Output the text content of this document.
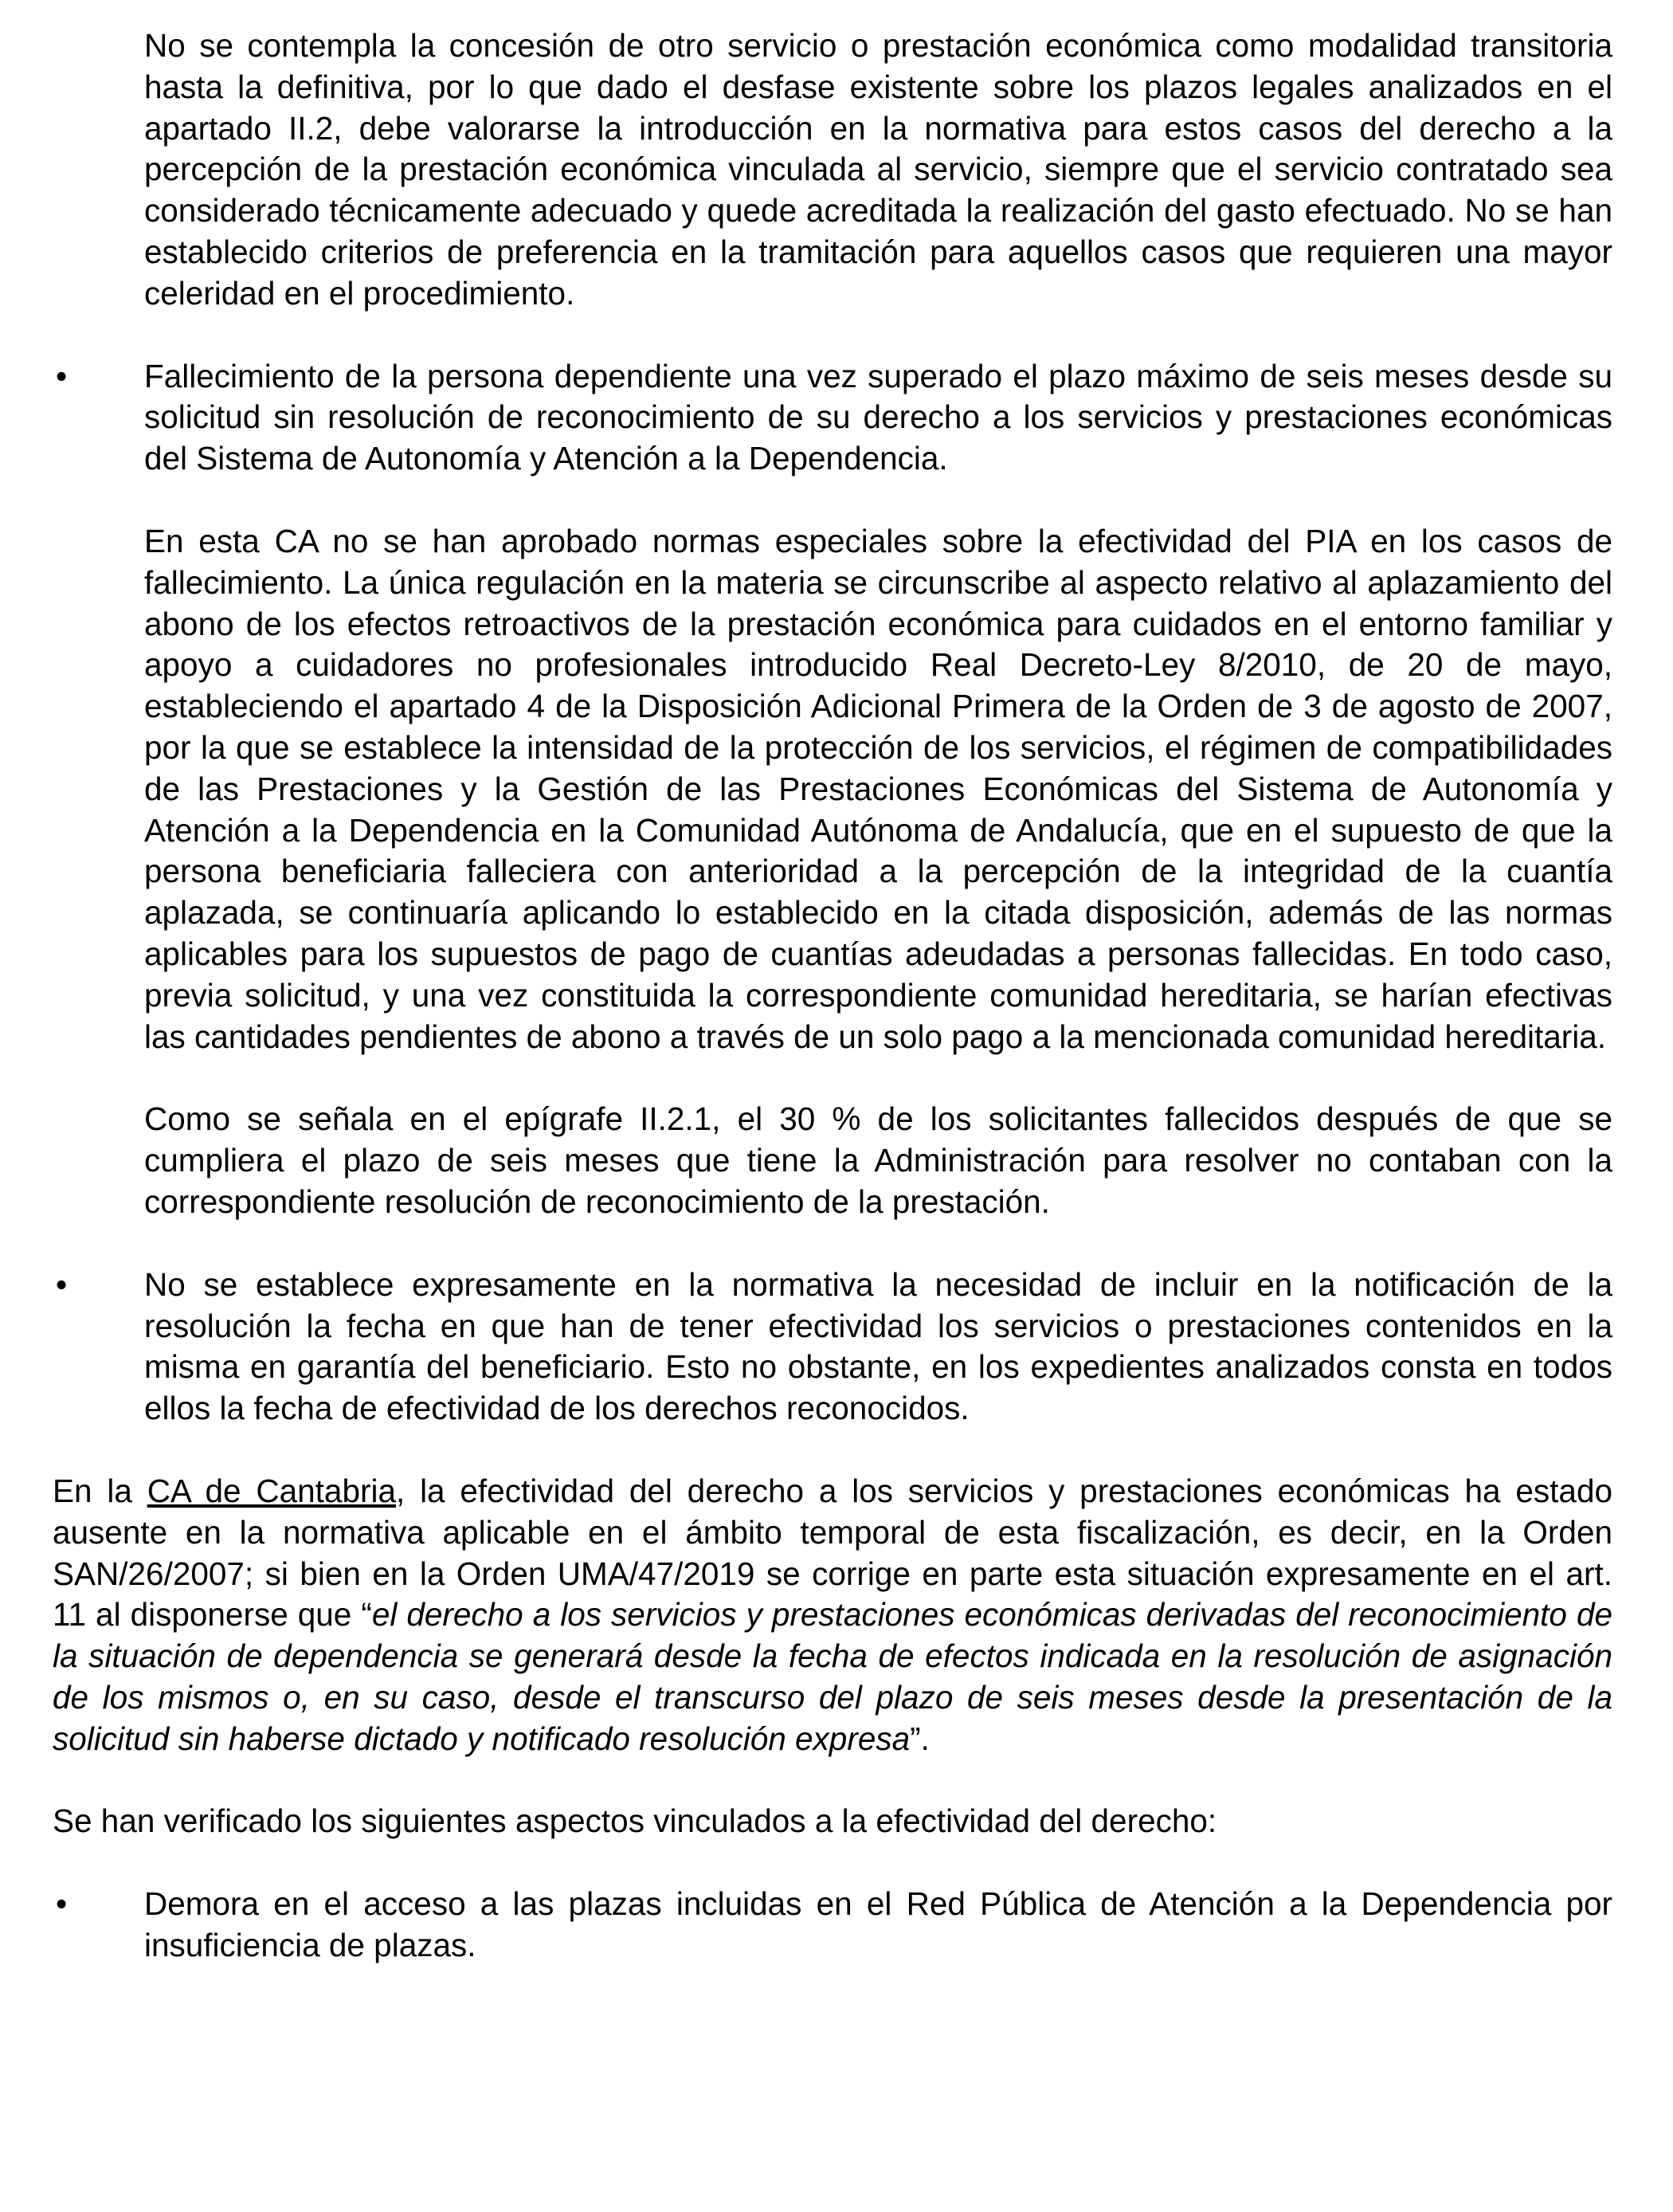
No se contempla la concesión de otro servicio o prestación económica como modalidad transitoria hasta la definitiva, por lo que dado el desfase existente sobre los plazos legales analizados en el apartado II.2, debe valorarse la introducción en la normativa para estos casos del derecho a la percepción de la prestación económica vinculada al servicio, siempre que el servicio contratado sea considerado técnicamente adecuado y quede acreditada la realización del gasto efectuado. No se han establecido criterios de preferencia en la tramitación para aquellos casos que requieren una mayor celeridad en el procedimiento.

•	Fallecimiento de la persona dependiente una vez superado el plazo máximo de seis meses desde su solicitud sin resolución de reconocimiento de su derecho a los servicios y prestaciones económicas del Sistema de Autonomía y Atención a la Dependencia.

En esta CA no se han aprobado normas especiales sobre la efectividad del PIA en los casos de fallecimiento. La única regulación en la materia se circunscribe al aspecto relativo al aplazamiento del abono de los efectos retroactivos de la prestación económica para cuidados en el entorno familiar y apoyo a cuidadores no profesionales introducido Real Decreto-Ley 8/2010, de 20 de mayo, estableciendo el apartado 4 de la Disposición Adicional Primera de la Orden de 3 de agosto de 2007, por la que se establece la intensidad de la protección de los servicios, el régimen de compatibilidades de las Prestaciones y la Gestión de las Prestaciones Económicas del Sistema de Autonomía y Atención a la Dependencia en la Comunidad Autónoma de Andalucía, que en el supuesto de que la persona beneficiaria falleciera con anterioridad a la percepción de la integridad de la cuantía aplazada, se continuaría aplicando lo establecido en la citada disposición, además de las normas aplicables para los supuestos de pago de cuantías adeudadas a personas fallecidas. En todo caso, previa solicitud, y una vez constituida la correspondiente comunidad hereditaria, se harían efectivas las cantidades pendientes de abono a través de un solo pago a la mencionada comunidad hereditaria.

Como se señala en el epígrafe II.2.1, el 30 % de los solicitantes fallecidos después de que se cumpliera el plazo de seis meses que tiene la Administración para resolver no contaban con la correspondiente resolución de reconocimiento de la prestación.

•	No se establece expresamente en la normativa la necesidad de incluir en la notificación de la resolución la fecha en que han de tener efectividad los servicios o prestaciones contenidos en la misma en garantía del beneficiario. Esto no obstante, en los expedientes analizados consta en todos ellos la fecha de efectividad de los derechos reconocidos.

En la CA de Cantabria, la efectividad del derecho a los servicios y prestaciones económicas ha estado ausente en la normativa aplicable en el ámbito temporal de esta fiscalización, es decir, en la Orden SAN/26/2007; si bien en la Orden UMA/47/2019 se corrige en parte esta situación expresamente en el art. 11 al disponerse que “el derecho a los servicios y prestaciones económicas derivadas del reconocimiento de la situación de dependencia se generará desde la fecha de efectos indicada en la resolución de asignación de los mismos o, en su caso, desde el transcurso del plazo de seis meses desde la presentación de la solicitud sin haberse dictado y notificado resolución expresa”.

Se han verificado los siguientes aspectos vinculados a la efectividad del derecho:

•	Demora en el acceso a las plazas incluidas en el Red Pública de Atención a la Dependencia por insuficiencia de plazas.
